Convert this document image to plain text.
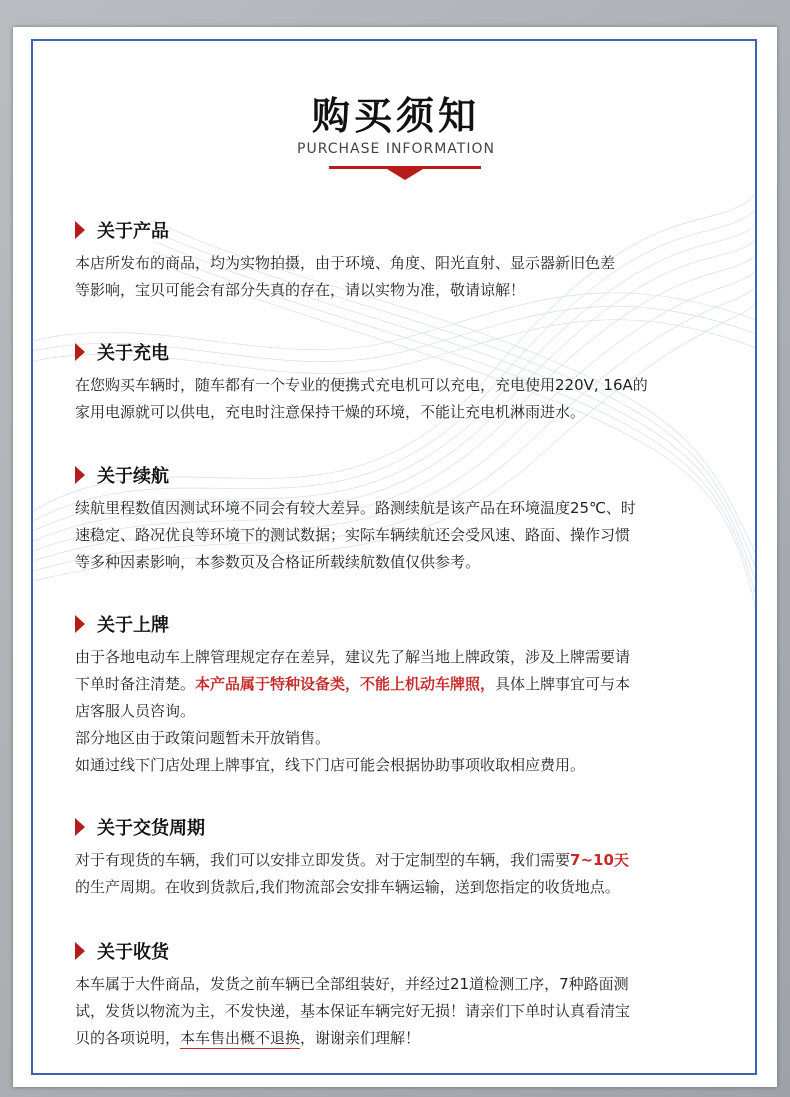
购买须知
PURCHASE INFORMATION
关于产品
本店所发布的商品，均为实物拍摄，由于环境、角度、阳光直射、显示器新旧色差
等影响，宝贝可能会有部分失真的存在，请以实物为准，敬请谅解！
关于充电
在您购买车辆时，随车都有一个专业的便携式充电机可以充电，充电使用220V, 16A的
家用电源就可以供电，充电时注意保持干燥的环境，不能让充电机淋雨进水。
关于续航
续航里程数值因测试环境不同会有较大差异。路测续航是该产品在环境温度25℃、时
速稳定、路况优良等环境下的测试数据；实际车辆续航还会受风速、路面、操作习惯
等多种因素影响，本参数页及合格证所载续航数值仅供参考。
关于上牌
由于各地电动车上牌管理规定存在差异，建议先了解当地上牌政策，涉及上牌需要请
下单时备注清楚。本产品属于特种设备类，不能上机动车牌照，具体上牌事宜可与本
店客服人员咨询。
部分地区由于政策问题暂未开放销售。
如通过线下门店处理上牌事宜，线下门店可能会根据协助事项收取相应费用。
关于交货周期
对于有现货的车辆，我们可以安排立即发货。对于定制型的车辆，我们需要7~10天
的生产周期。在收到货款后,我们物流部会安排车辆运输，送到您指定的收货地点。
关于收货
本车属于大件商品，发货之前车辆已全部组装好，并经过21道检测工序，7种路面测
试，发货以物流为主，不发快递，基本保证车辆完好无损！请亲们下单时认真看清宝
贝的各项说明，本车售出概不退换，谢谢亲们理解！
